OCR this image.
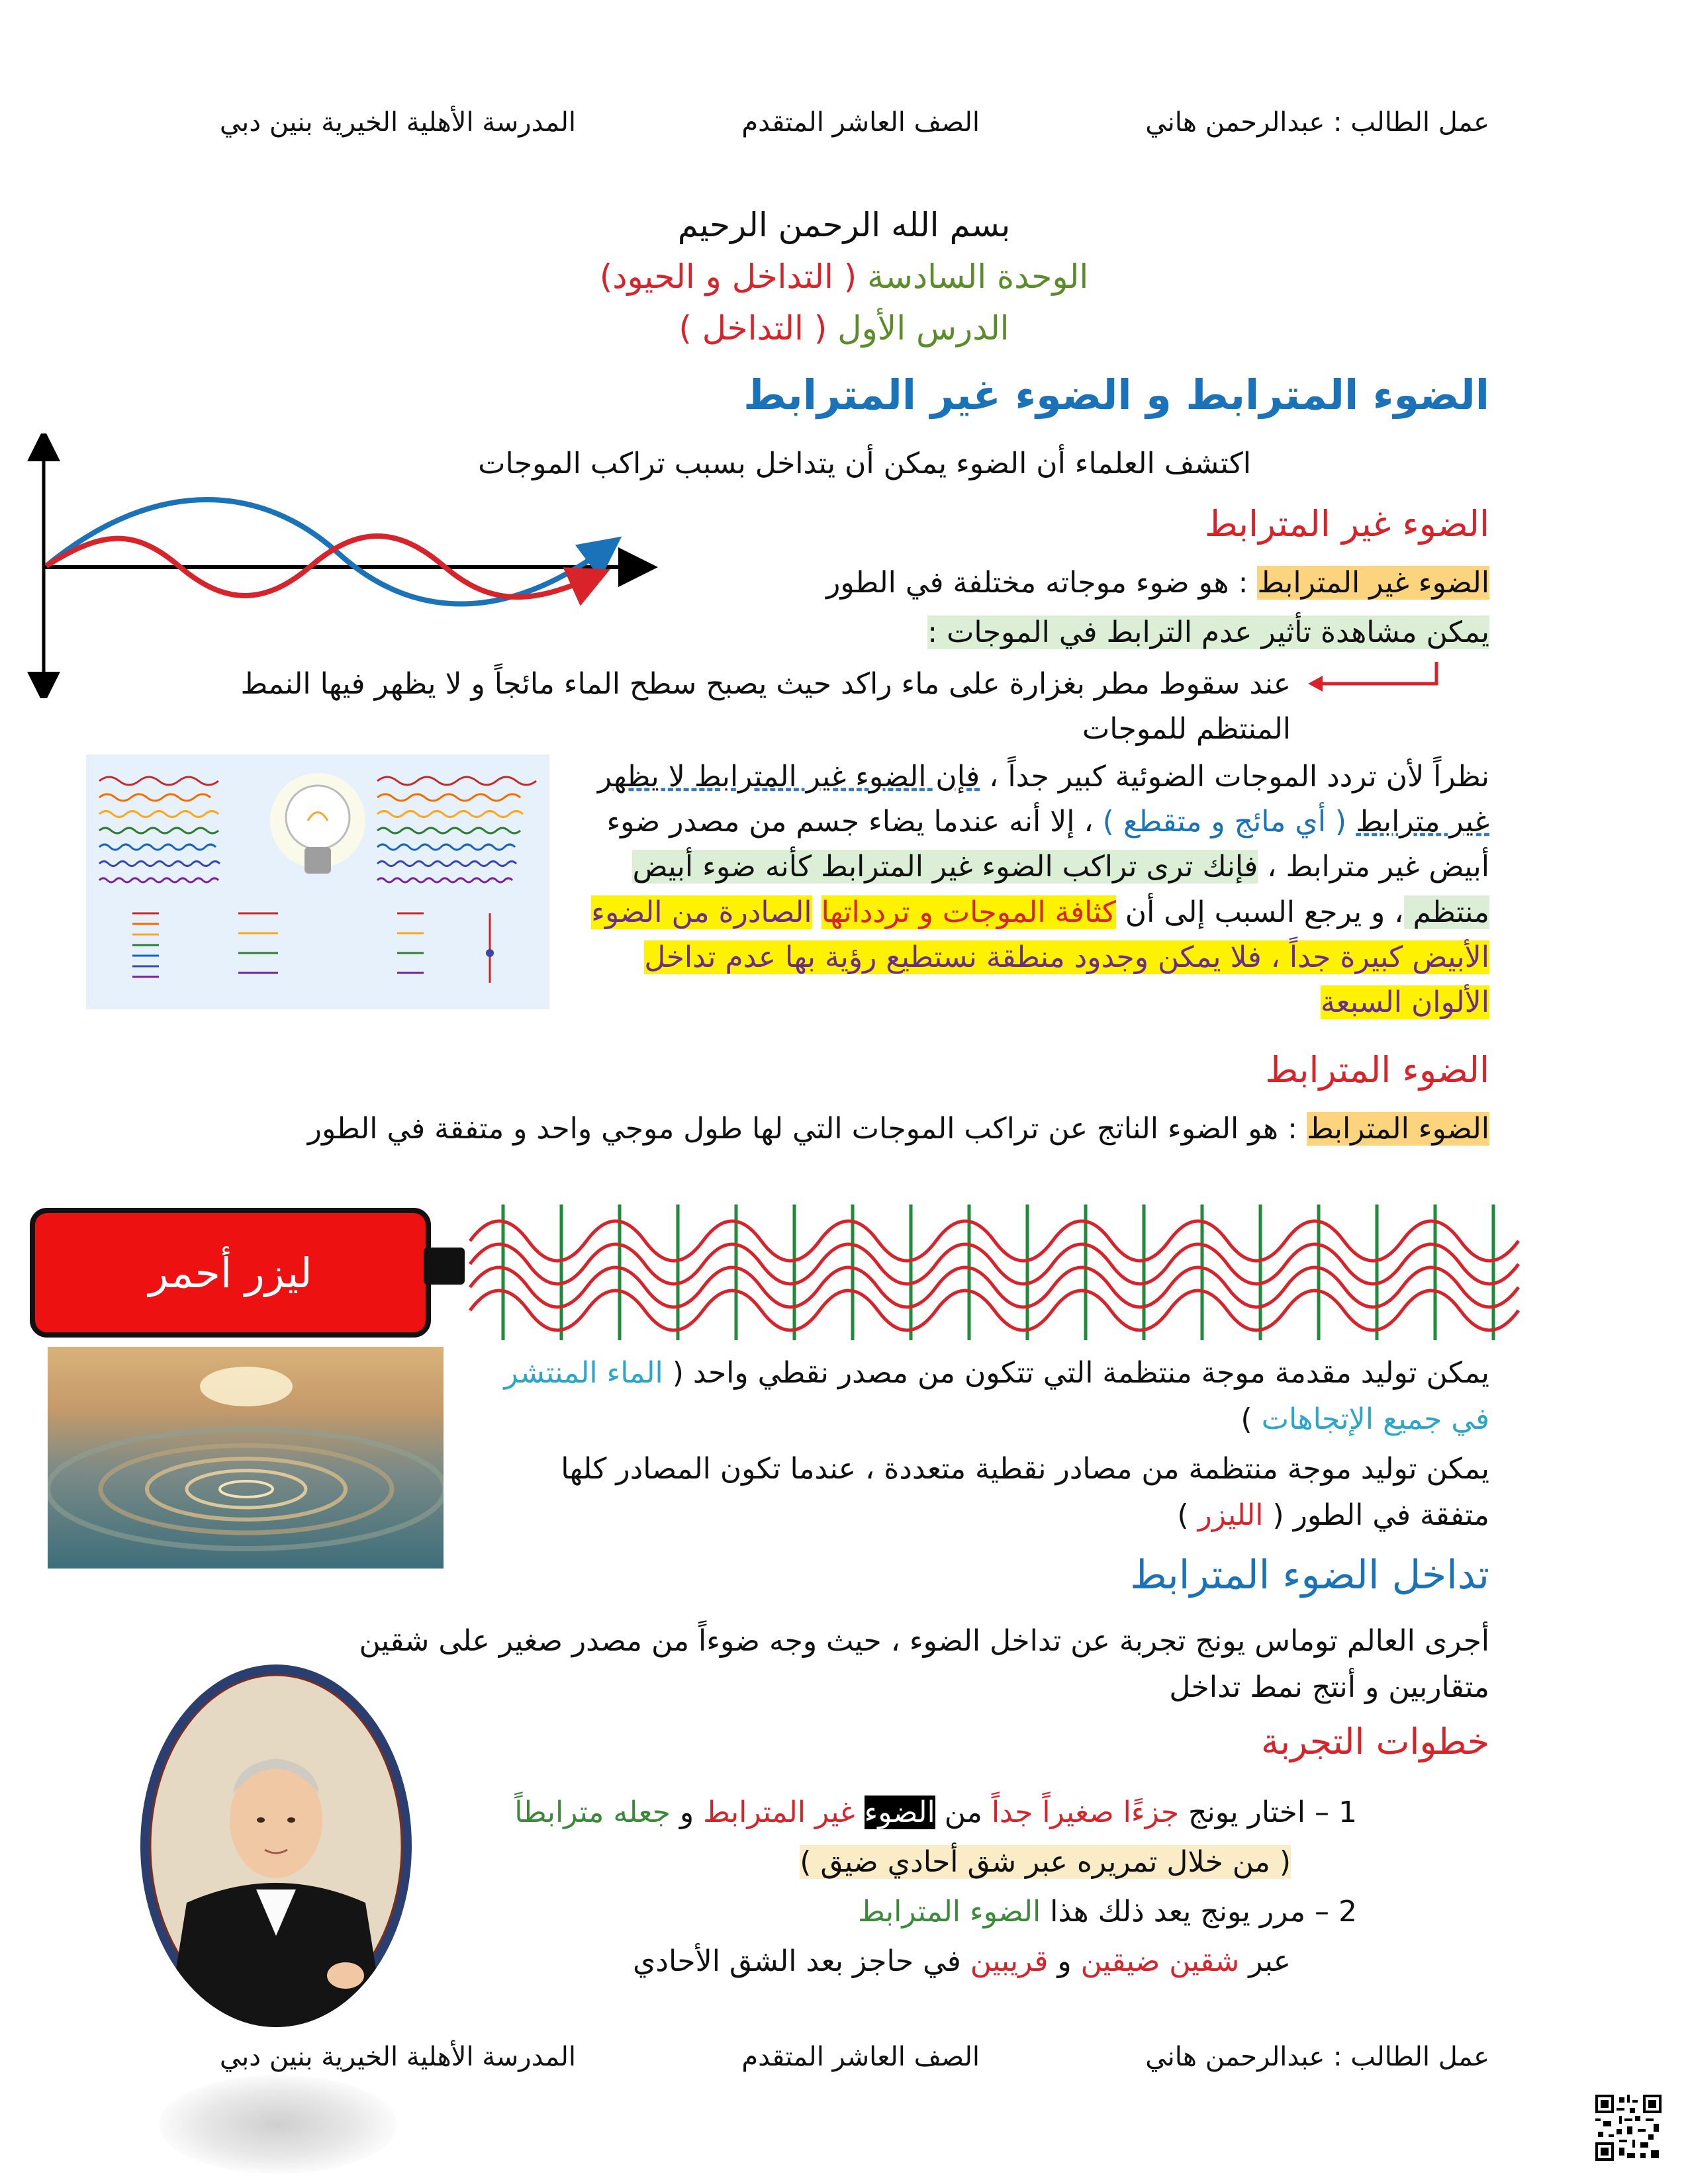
عمل الطالب : عبدالرحمن هاني
الصف العاشر المتقدم
المدرسة الأهلية الخيرية بنين دبي
بسم الله الرحمن الرحيم
الوحدة السادسة ( التداخل و الحيود)
الدرس الأول ( التداخل )
الضوء المترابط و الضوء غير المترابط
اكتشف العلماء أن الضوء يمكن أن يتداخل بسبب تراكب الموجات
الضوء غير المترابط
الضوء غير المترابط : هو ضوء موجاته مختلفة في الطور
يمكن مشاهدة تأثير عدم الترابط في الموجات :
عند سقوط مطر بغزارة على ماء راكد حيث يصبح سطح الماء مائجاً و لا يظهر فيها النمط المنتظم للموجات
نظراً لأن تردد الموجات الضوئية كبير جداً ، فإن الضوء غير المترابط لا يظهر غير مترابط ( أي مائج و متقطع ) ، إلا أنه عندما يضاء جسم من مصدر ضوء أبيض غير مترابط ، فإنك ترى تراكب الضوء غير المترابط كأنه ضوء أبيض منتظم ، و يرجع السبب إلى أن كثافة الموجات و تردداتها الصادرة من الضوء الأبيض كبيرة جداً ، فلا يمكن وجدود منطقة نستطيع رؤية بها عدم تداخل الألوان السبعة
الضوء المترابط
الضوء المترابط : هو الضوء الناتج عن تراكب الموجات التي لها طول موجي واحد و متفقة في الطور
ليزر أحمر
يمكن توليد مقدمة موجة منتظمة التي تتكون من مصدر نقطي واحد ( الماء المنتشر في جميع الإتجاهات )
يمكن توليد موجة منتظمة من مصادر نقطية متعددة ، عندما تكون المصادر كلها متفقة في الطور ( الليزر )
تداخل الضوء المترابط
أجرى العالم توماس يونج تجربة عن تداخل الضوء ، حيث وجه ضوءاً من مصدر صغير على شقين متقاربين و أنتج نمط تداخل
خطوات التجربة
1 – اختار يونج جزءًا صغيراً جداً من الضوء غير المترابط و جعله مترابطاً
( من خلال تمريره عبر شق أحادي ضيق )
2 – مرر يونج يعد ذلك هذا الضوء المترابط
عبر شقين ضيقين و قريبين في حاجز بعد الشق الأحادي
عمل الطالب : عبدالرحمن هاني
الصف العاشر المتقدم
المدرسة الأهلية الخيرية بنين دبي
